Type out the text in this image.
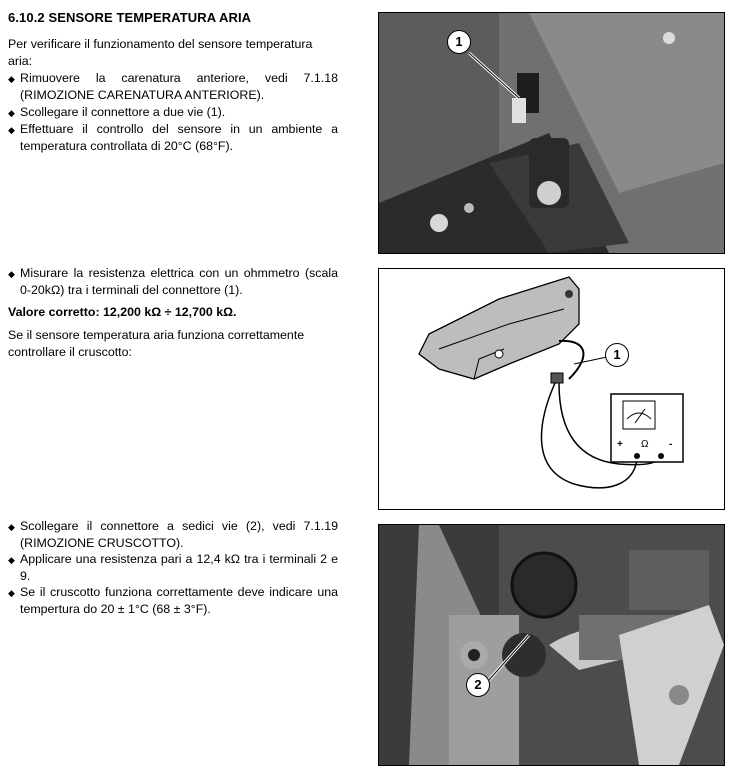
6.10.2 SENSORE TEMPERATURA ARIA
Per verificare il funzionamento del sensore temperatura aria:
◆ Rimuovere la carenatura anteriore, vedi 7.1.18 (RIMOZIONE CARENATURA ANTERIORE).
◆ Scollegare il connettore a due vie (1).
◆ Effettuare il controllo del sensore in un ambiente a temperatura controllata di 20°C (68°F).
◆ Misurare la resistenza elettrica con un ohmmetro (scala 0-20kΩ) tra i terminali del connettore (1).
Valore corretto: 12,200 kΩ ÷ 12,700 kΩ.
Se il sensore temperatura aria funziona correttamente controllare il cruscotto:
◆ Scollegare il connettore a sedici vie (2), vedi 7.1.19 (RIMOZIONE CRUSCOTTO).
◆ Applicare una resistenza pari a 12,4 kΩ tra i terminali 2 e 9.
◆ Se il cruscotto funziona correttamente deve indicare una tempertura do 20 ± 1°C (68 ± 3°F).
1
1
+ Ω -
2
